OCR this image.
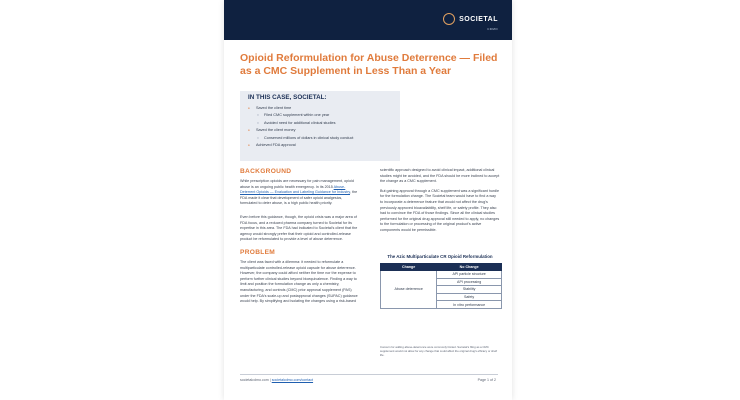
SOCIETAL
CDMO
Opioid Reformulation for Abuse Deterrence — Filed as a CMC Supplement in Less Than a Year
IN THIS CASE, SOCIETAL:
● Saved the client time
○ Filed CMC supplement within one year
○ Avoided need for additional clinical studies
● Saved the client money
○ Conserved millions of dollars in clinical study conduct
● Achieved FDA approval
BACKGROUND

While prescription opioids are necessary for pain management, opioid abuse is an ongoing public health emergency. In its 2015 Abuse-Deterrent Opioids — Evaluation and Labeling Guidance for Industry, the FDA made it clear that development of safer opioid analgesics, formulated to deter abuse, is a high public health priority.

Even before this guidance, though, the opioid crisis was a major area of FDA focus, and a reduced pharma company turned to Societal for its expertise in this area. The FDA had indicated to Societal's client that the agency would strongly prefer that their opioid and controlled-release product be reformulated to provide a level of abuse deterrence.

PROBLEM

The client was faced with a dilemma: it needed to reformulate a multiparticulate controlled-release opioid capsule for abuse deterrence. However, the company could afford neither the time nor the expense to perform further clinical studies beyond bioequivalence. Finding a way to limit and position the formulation change as only a chemistry, manufacturing, and controls (CMC) prior approval supplement (PAS) under the FDA's scale-up and postapproval changes (SUPAC) guidance would help. By simplifying and isolating the changes using a risk-based

scientific approach designed to avoid clinical impact, additional clinical studies might be avoided, and the FDA should be more inclined to accept the change as a CMC supplement.

But gaining approval through a CMC supplement was a significant hurdle for the formulation change. The Societal team would have to find a way to incorporate a deterrence feature that would not affect the drug's previously approved bioavailability, shelf life, or safety profile. They also had to convince the FDA of those findings. Since all the clinical studies performed for the original drug approval still needed to apply, no changes to the formulation or processing of the original product's active components would be permissible.

The Azic Multiparticulate CR Opioid Reformulation
Change	No Change
Abuse deterrence	API particle structure
	API processing
	Stability
	Safety
	In vitro performance
Concern for adding abuse-deterrence were commonly limited. Societal's filing as a CMC supplement would not allow for any change that could affect the original drug's efficacy or shelf life.
societalcdmo.com | societalcdmo.com/contact	Page 1 of 2
